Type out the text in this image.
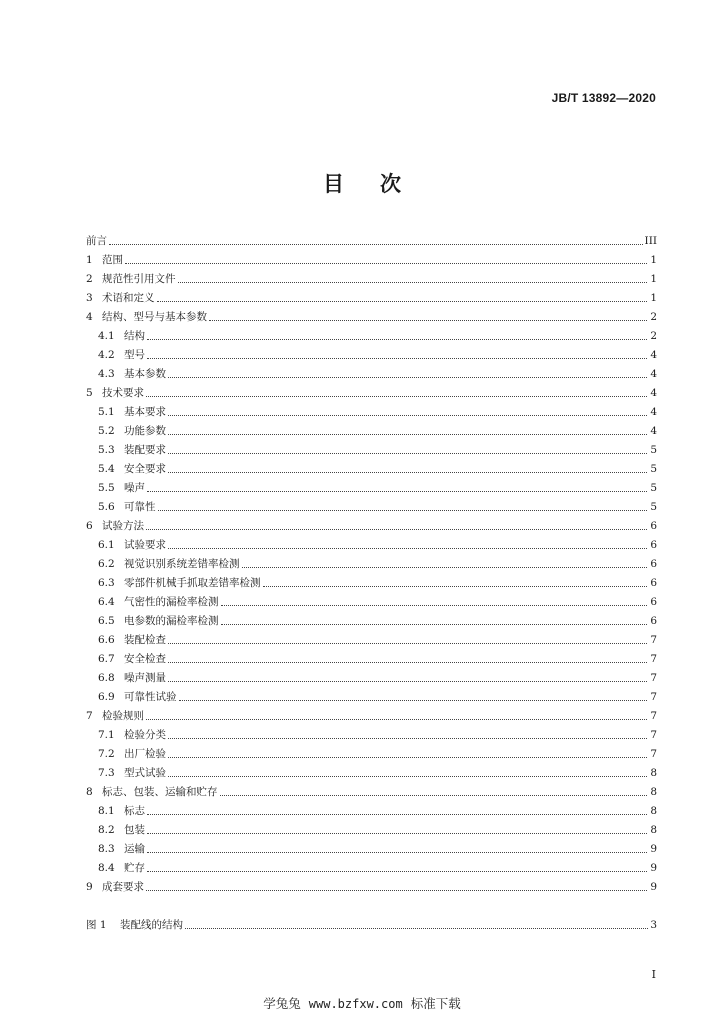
JB/T 13892—2020
目次
前言	III
1 范围	1
2 规范性引用文件	1
3 术语和定义	1
4 结构、型号与基本参数	2
4.1 结构	2
4.2 型号	4
4.3 基本参数	4
5 技术要求	4
5.1 基本要求	4
5.2 功能参数	4
5.3 装配要求	5
5.4 安全要求	5
5.5 噪声	5
5.6 可靠性	5
6 试验方法	6
6.1 试验要求	6
6.2 视觉识别系统差错率检测	6
6.3 零部件机械手抓取差错率检测	6
6.4 气密性的漏检率检测	6
6.5 电参数的漏检率检测	6
6.6 装配检查	7
6.7 安全检查	7
6.8 噪声测量	7
6.9 可靠性试验	7
7 检验规则	7
7.1 检验分类	7
7.2 出厂检验	7
7.3 型式试验	8
8 标志、包装、运输和贮存	8
8.1 标志	8
8.2 包装	8
8.3 运输	9
8.4 贮存	9
9 成套要求	9
图 1	装配线的结构	3
I
学兔兔 www.bzfxw.com 标准下载
